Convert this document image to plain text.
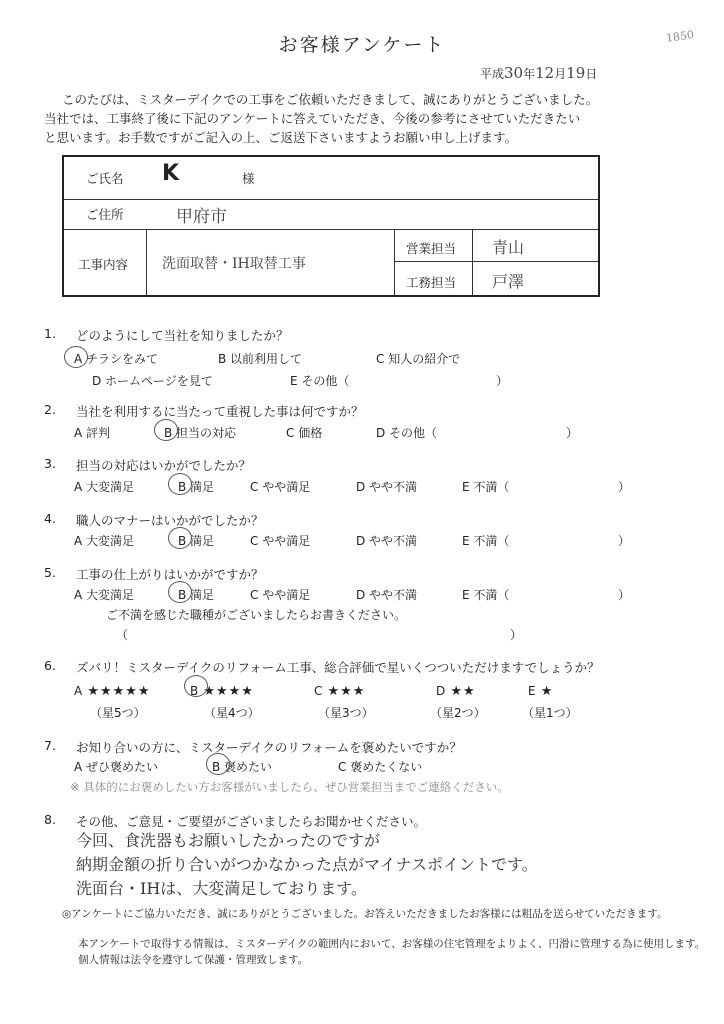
お客様アンケート	1850
平成30年12月19日
このたびは、ミスターデイクでの工事をご依頼いただきまして、誠にありがとうございました。
当社では、工事終了後に下記のアンケートに答えていただき、今後の参考にさせていただきたい
と思います。お手数ですがご記入の上、ご返送下さいますようお願い申し上げます。
ご氏名 K	様
ご住所	甲府市
工事内容 洗面取替・IH取替工事
営業担当 青山
工務担当 戸澤
1. どのようにして当社を知りましたか？
A チラシをみて	B 以前利用して	C 知人の紹介で
D ホームページを見て	E その他（	）
2. 当社を利用するに当たって重視した事は何ですか？
A 評判	B 担当の対応	C 価格	D その他（	）
3. 担当の対応はいかがでしたか？
A 大変満足	B 満足	C やや満足	D やや不満	E 不満（	）
4. 職人のマナーはいかがでしたか？
A 大変満足	B 満足	C やや満足	D やや不満	E 不満（	）
5. 工事の仕上がりはいかがですか？
A 大変満足	B 満足	C やや満足	D やや不満	E 不満（	）
ご不満を感じた職種がございましたらお書きください。
（	）
6. ズバリ！ミスターデイクのリフォーム工事、総合評価で星いくつついただけますでしょうか？
A ★★★★★
（星5つ）
B ★★★★
（星4つ）
C ★★★
（星3つ）
D ★★
（星2つ）
E ★
（星1つ）
7. お知り合いの方に、ミスターデイクのリフォームを褒めたいですか？
A ぜひ褒めたい	B 褒めたい	C 褒めたくない
※ 具体的にお褒めしたい方お客様がいましたら、ぜひ営業担当までご連絡ください。
8. その他、ご意見・ご要望がございましたらお聞かせください。
今回、食洗器もお願いしたかったのですが
納期金額の折り合いがつかなかった点がマイナスポイントです。
洗面台・IHは、大変満足しております。
◎アンケートにご協力いただき、誠にありがとうございました。お答えいただきましたお客様には粗品を送らせていただきます。
本アンケートで取得する情報は、ミスターデイクの範囲内において、お客様の住宅管理をよりよく、円滑に管理する為に使用します。
個人情報は法令を遵守して保護・管理致します。
